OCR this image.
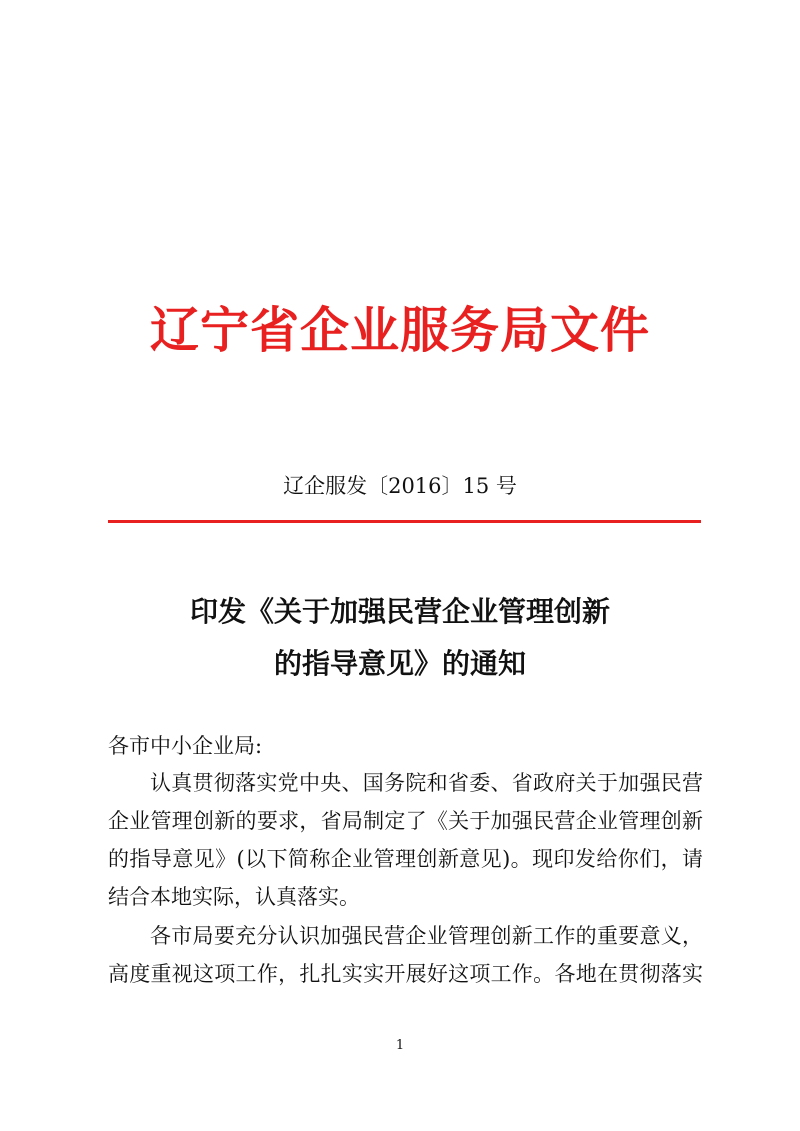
辽宁省企业服务局文件
辽企服发〔2016〕15 号
印发《关于加强民营企业管理创新
的指导意见》的通知
各市中小企业局:
认真贯彻落实党中央、国务院和省委、省政府关于加强民营
企业管理创新的要求，省局制定了《关于加强民营企业管理创新
的指导意见》(以下简称企业管理创新意见)。现印发给你们，请
结合本地实际，认真落实。
各市局要充分认识加强民营企业管理创新工作的重要意义，
高度重视这项工作，扎扎实实开展好这项工作。各地在贯彻落实
1
